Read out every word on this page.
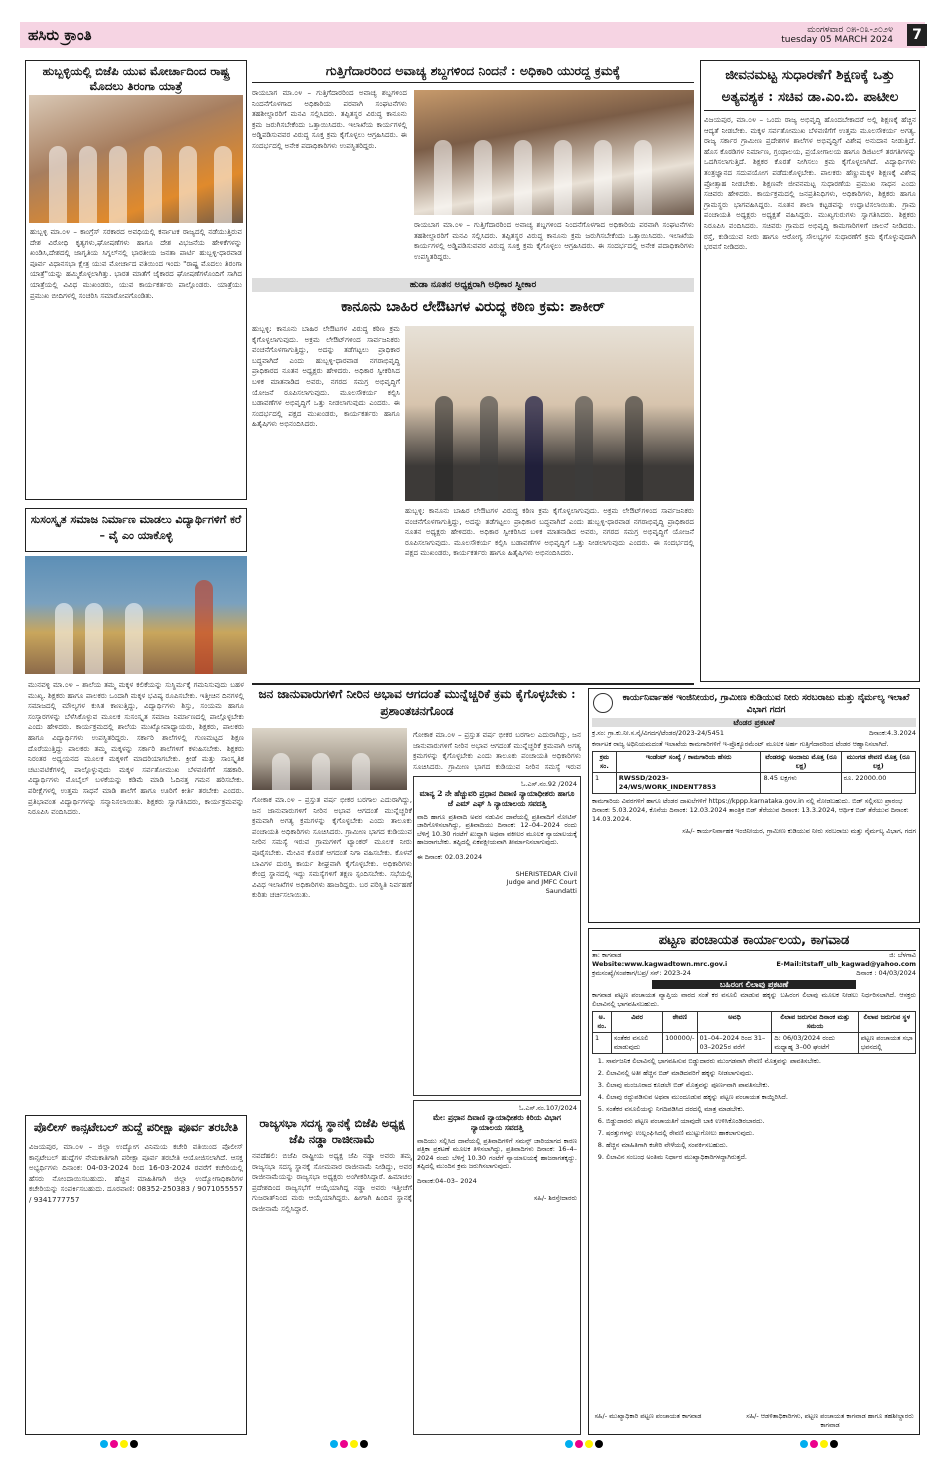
ಹಸಿರು ಕ್ರಾಂತಿ	ಮಂಗಳವಾರ ೦೫-೦೩-೨೦೨೪
tuesday 05 MARCH 2024	7
ಹುಬ್ಬಳ್ಳಿಯಲ್ಲಿ ಬಿಜೆಪಿ ಯುವ ಮೋರ್ಚಾದಿಂದ ರಾಷ್ಟ್ರ ಮೊದಲು ತಿರಂಗಾ ಯಾತ್ರೆ
ಹುಬ್ಬಳ್ಳಿ ಮಾ.೦೪ – ಕಾಂಗ್ರೆಸ್ ಸರಕಾರದ ಅವಧಿಯಲ್ಲಿ ಕರ್ನಾಟಕ ರಾಜ್ಯದಲ್ಲಿ ನಡೆಯುತ್ತಿರುವ ದೇಶ ವಿರೋಧಿ ಕೃತ್ಯಗಳು,ಘೋಷಣೆಗಳು ಹಾಗೂ ದೇಶ ವಿಭಜನೆಯ ಹೇಳಿಕೆಗಳನ್ನು ಖಂಡಿಸಿ,ದೇಶದಲ್ಲಿ ಜಾಗೃತಿಯ ಸಿಗ್ನಲ್‌ನಲ್ಲಿ ಭಾರತೀಯ ಜನತಾ ಪಾರ್ಟಿ ಹುಬ್ಬಳ್ಳಿ-ಧಾರವಾಡ ಪೂರ್ವ ವಿಧಾನಸಭಾ ಕ್ಷೇತ್ರ ಯುವ ಮೋರ್ಚಾದ ವತಿಯಿಂದ ಇಂದು "ರಾಷ್ಟ್ರ ಮೊದಲು ತಿರಂಗಾ ಯಾತ್ರೆ"ಯನ್ನು ಹಮ್ಮಿಕೊಳ್ಳಲಾಗಿತ್ತು. ಭಾರತ ಮಾತೆಗೆ ಜೈಕಾರದ ಘೋಷಣೆಗಳೊಂದಿಗೆ ಸಾಗಿದ ಯಾತ್ರೆಯಲ್ಲಿ ವಿವಿಧ ಮುಖಂಡರು, ಯುವ ಕಾರ್ಯಕರ್ತರು ಪಾಲ್ಗೊಂಡರು. ಯಾತ್ರೆಯು ಪ್ರಮುಖ ಬೀದಿಗಳಲ್ಲಿ ಸಂಚರಿಸಿ ಸಮಾರೋಪಗೊಂಡಿತು.
ಸುಸಂಸ್ಕೃತ ಸಮಾಜ ನಿರ್ಮಾಣ ಮಾಡಲು ವಿದ್ಯಾರ್ಥಿಗಳಿಗೆ ಕರೆ – ವೈ ಎಂ ಯಾಕೊಳ್ಳಿ
ಮುನವಳ್ಳಿ ಮಾ.೦೪ – ಶಾಲೆಯ ತಮ್ಮ ಮಕ್ಕಳ ಕಲಿಕೆಯನ್ನು ಸುಸ್ಥಿರ್ಮಕ್ಕೆ ಗಮನಿಸುವುದು ಬಹಳ ಮುಖ್ಯ. ಶಿಕ್ಷಕರು ಹಾಗೂ ಪಾಲಕರು ಒಂದಾಗಿ ಮಕ್ಕಳ ಭವಿಷ್ಯ ರೂಪಿಸಬೇಕು. ಇತ್ತೀಚಿನ ದಿನಗಳಲ್ಲಿ ಸಮಾಜದಲ್ಲಿ ಮೌಲ್ಯಗಳ ಕುಸಿತ ಕಾಣುತ್ತಿದ್ದು, ವಿದ್ಯಾರ್ಥಿಗಳು ಶಿಸ್ತು, ಸಂಯಮ ಹಾಗೂ ಸಂಸ್ಕಾರಗಳನ್ನು ಬೆಳೆಸಿಕೊಳ್ಳುವ ಮೂಲಕ ಸುಸಂಸ್ಕೃತ ಸಮಾಜ ನಿರ್ಮಾಣದಲ್ಲಿ ಪಾಲ್ಗೊಳ್ಳಬೇಕು ಎಂದು ಹೇಳಿದರು. ಕಾರ್ಯಕ್ರಮದಲ್ಲಿ ಶಾಲೆಯ ಮುಖ್ಯೋಪಾಧ್ಯಾಯರು, ಶಿಕ್ಷಕರು, ಪಾಲಕರು ಹಾಗೂ ವಿದ್ಯಾರ್ಥಿಗಳು ಉಪಸ್ಥಿತರಿದ್ದರು. ಸರ್ಕಾರಿ ಶಾಲೆಗಳಲ್ಲಿ ಗುಣಮಟ್ಟದ ಶಿಕ್ಷಣ ದೊರೆಯುತ್ತಿದ್ದು ಪಾಲಕರು ತಮ್ಮ ಮಕ್ಕಳನ್ನು ಸರ್ಕಾರಿ ಶಾಲೆಗಳಿಗೆ ಕಳುಹಿಸಬೇಕು. ಶಿಕ್ಷಕರು ನಿರಂತರ ಅಧ್ಯಯನದ ಮೂಲಕ ಮಕ್ಕಳಿಗೆ ಮಾದರಿಯಾಗಬೇಕು. ಕ್ರೀಡೆ ಮತ್ತು ಸಾಂಸ್ಕೃತಿಕ ಚಟುವಟಿಕೆಗಳಲ್ಲಿ ಪಾಲ್ಗೊಳ್ಳುವುದು ಮಕ್ಕಳ ಸರ್ವತೋಮುಖ ಬೆಳವಣಿಗೆಗೆ ಸಹಕಾರಿ. ವಿದ್ಯಾರ್ಥಿಗಳು ಮೊಬೈಲ್ ಬಳಕೆಯನ್ನು ಕಡಿಮೆ ಮಾಡಿ ಓದಿನತ್ತ ಗಮನ ಹರಿಸಬೇಕು. ಪರೀಕ್ಷೆಗಳಲ್ಲಿ ಉತ್ತಮ ಸಾಧನೆ ಮಾಡಿ ಶಾಲೆಗೆ ಹಾಗೂ ಊರಿಗೆ ಕೀರ್ತಿ ತರಬೇಕು ಎಂದರು. ಪ್ರತಿಭಾವಂತ ವಿದ್ಯಾರ್ಥಿಗಳನ್ನು ಸನ್ಮಾನಿಸಲಾಯಿತು. ಶಿಕ್ಷಕರು ಸ್ವಾಗತಿಸಿದರು, ಕಾರ್ಯಕ್ರಮವನ್ನು ನಿರೂಪಿಸಿ ವಂದಿಸಿದರು.
ಪೊಲೀಸ್ ಕಾನ್ಸಟೇಬಲ್ ಹುದ್ದೆ ಪರೀಕ್ಷಾ ಪೂರ್ವ ತರಬೇತಿ
ವಿಜಯಪುರ, ಮಾ.೦೪ – ಜಿಲ್ಲಾ ಉದ್ಯೋಗ ವಿನಿಮಯ ಕಚೇರಿ ವತಿಯಿಂದ ಪೊಲೀಸ್ ಕಾನ್ಸಟೇಬಲ್ ಹುದ್ದೆಗಳ ನೇಮಕಾತಿಗಾಗಿ ಪರೀಕ್ಷಾ ಪೂರ್ವ ತರಬೇತಿ ಆಯೋಜಿಸಲಾಗಿದೆ. ಆಸಕ್ತ ಅಭ್ಯರ್ಥಿಗಳು ದಿನಾಂಕ: 04-03-2024 ರಿಂದ 16-03-2024 ರವರೆಗೆ ಕಚೇರಿಯಲ್ಲಿ ಹೆಸರು ನೋಂದಾಯಿಸಬಹುದು. ಹೆಚ್ಚಿನ ಮಾಹಿತಿಗಾಗಿ ಜಿಲ್ಲಾ ಉದ್ಯೋಗಾಧಿಕಾರಿಗಳ ಕಚೇರಿಯನ್ನು ಸಂಪರ್ಕಿಸಬಹುದು. ದೂರವಾಣಿ: 08352-250383 / 9071055557 / 9341777757
ಗುತ್ತಿಗೆದಾರರಿಂದ ಅವಾಚ್ಯ ಶಬ್ದಗಳಿಂದ ನಿಂದನೆ : ಅಧಿಕಾರಿ ಯುರದ್ದ ಕ್ರಮಕ್ಕೆ
ರಾಯಬಾಗ ಮಾ.೦೪ – ಗುತ್ತಿಗೆದಾರರಿಂದ ಅವಾಚ್ಯ ಶಬ್ದಗಳಿಂದ ನಿಂದನೆಗೊಳಗಾದ ಅಧಿಕಾರಿಯ ಪರವಾಗಿ ಸಂಘಟನೆಗಳು ತಹಶೀಲ್ದಾರರಿಗೆ ಮನವಿ ಸಲ್ಲಿಸಿದರು. ತಪ್ಪಿತಸ್ಥರ ವಿರುದ್ಧ ಕಾನೂನು ಕ್ರಮ ಜರುಗಿಸಬೇಕೆಂದು ಒತ್ತಾಯಿಸಿದರು. ಇಲಾಖೆಯ ಕಾರ್ಯಗಳಲ್ಲಿ ಅಡ್ಡಿಪಡಿಸುವವರ ವಿರುದ್ಧ ಸೂಕ್ತ ಕ್ರಮ ಕೈಗೊಳ್ಳಲು ಆಗ್ರಹಿಸಿದರು. ಈ ಸಂದರ್ಭದಲ್ಲಿ ಅನೇಕ ಪದಾಧಿಕಾರಿಗಳು ಉಪಸ್ಥಿತರಿದ್ದರು.
ರಾಯಬಾಗ ಮಾ.೦೪ – ಗುತ್ತಿಗೆದಾರರಿಂದ ಅವಾಚ್ಯ ಶಬ್ದಗಳಿಂದ ನಿಂದನೆಗೊಳಗಾದ ಅಧಿಕಾರಿಯ ಪರವಾಗಿ ಸಂಘಟನೆಗಳು ತಹಶೀಲ್ದಾರರಿಗೆ ಮನವಿ ಸಲ್ಲಿಸಿದರು. ತಪ್ಪಿತಸ್ಥರ ವಿರುದ್ಧ ಕಾನೂನು ಕ್ರಮ ಜರುಗಿಸಬೇಕೆಂದು ಒತ್ತಾಯಿಸಿದರು. ಇಲಾಖೆಯ ಕಾರ್ಯಗಳಲ್ಲಿ ಅಡ್ಡಿಪಡಿಸುವವರ ವಿರುದ್ಧ ಸೂಕ್ತ ಕ್ರಮ ಕೈಗೊಳ್ಳಲು ಆಗ್ರಹಿಸಿದರು. ಈ ಸಂದರ್ಭದಲ್ಲಿ ಅನೇಕ ಪದಾಧಿಕಾರಿಗಳು ಉಪಸ್ಥಿತರಿದ್ದರು.
ಹುಡಾ ನೂತನ ಅಧ್ಯಕ್ಷರಾಗಿ ಅಧಿಕಾರ ಸ್ವೀಕಾರ
ಕಾನೂನು ಬಾಹಿರ ಲೇಔಟಗಳ ವಿರುದ್ಧ ಕಠಿಣ ಕ್ರಮ: ಶಾಕೀರ್
ಹುಬ್ಬಳ್ಳಿ: ಕಾನೂನು ಬಾಹಿರ ಲೇಔಟಗಳ ವಿರುದ್ಧ ಕಠಿಣ ಕ್ರಮ ಕೈಗೊಳ್ಳಲಾಗುವುದು. ಅಕ್ರಮ ಲೇಔಟ್‌ಗಳಿಂದ ಸಾರ್ವಜನಿಕರು ವಂಚನೆಗೊಳಗಾಗುತ್ತಿದ್ದು, ಅದನ್ನು ತಡೆಗಟ್ಟಲು ಪ್ರಾಧಿಕಾರ ಬದ್ಧವಾಗಿದೆ ಎಂದು ಹುಬ್ಬಳ್ಳಿ-ಧಾರವಾಡ ನಗರಾಭಿವೃದ್ಧಿ ಪ್ರಾಧಿಕಾರದ ನೂತನ ಅಧ್ಯಕ್ಷರು ಹೇಳಿದರು. ಅಧಿಕಾರ ಸ್ವೀಕರಿಸಿದ ಬಳಿಕ ಮಾತನಾಡಿದ ಅವರು, ನಗರದ ಸಮಗ್ರ ಅಭಿವೃದ್ಧಿಗೆ ಯೋಜನೆ ರೂಪಿಸಲಾಗುವುದು. ಮೂಲಸೌಕರ್ಯ ಕಲ್ಪಿಸಿ ಬಡಾವಣೆಗಳ ಅಭಿವೃದ್ಧಿಗೆ ಒತ್ತು ನೀಡಲಾಗುವುದು ಎಂದರು. ಈ ಸಂದರ್ಭದಲ್ಲಿ ಪಕ್ಷದ ಮುಖಂಡರು, ಕಾರ್ಯಕರ್ತರು ಹಾಗೂ ಹಿತೈಷಿಗಳು ಅಭಿನಂದಿಸಿದರು.
ಹುಬ್ಬಳ್ಳಿ: ಕಾನೂನು ಬಾಹಿರ ಲೇಔಟಗಳ ವಿರುದ್ಧ ಕಠಿಣ ಕ್ರಮ ಕೈಗೊಳ್ಳಲಾಗುವುದು. ಅಕ್ರಮ ಲೇಔಟ್‌ಗಳಿಂದ ಸಾರ್ವಜನಿಕರು ವಂಚನೆಗೊಳಗಾಗುತ್ತಿದ್ದು, ಅದನ್ನು ತಡೆಗಟ್ಟಲು ಪ್ರಾಧಿಕಾರ ಬದ್ಧವಾಗಿದೆ ಎಂದು ಹುಬ್ಬಳ್ಳಿ-ಧಾರವಾಡ ನಗರಾಭಿವೃದ್ಧಿ ಪ್ರಾಧಿಕಾರದ ನೂತನ ಅಧ್ಯಕ್ಷರು ಹೇಳಿದರು. ಅಧಿಕಾರ ಸ್ವೀಕರಿಸಿದ ಬಳಿಕ ಮಾತನಾಡಿದ ಅವರು, ನಗರದ ಸಮಗ್ರ ಅಭಿವೃದ್ಧಿಗೆ ಯೋಜನೆ ರೂಪಿಸಲಾಗುವುದು. ಮೂಲಸೌಕರ್ಯ ಕಲ್ಪಿಸಿ ಬಡಾವಣೆಗಳ ಅಭಿವೃದ್ಧಿಗೆ ಒತ್ತು ನೀಡಲಾಗುವುದು ಎಂದರು. ಈ ಸಂದರ್ಭದಲ್ಲಿ ಪಕ್ಷದ ಮುಖಂಡರು, ಕಾರ್ಯಕರ್ತರು ಹಾಗೂ ಹಿತೈಷಿಗಳು ಅಭಿನಂದಿಸಿದರು.
ಜನ ಜಾನುವಾರುಗಳಿಗೆ ನೀರಿನ ಅಭಾವ ಆಗದಂತೆ ಮುನ್ನೆಚ್ಚರಿಕೆ ಕ್ರಮ ಕೈಗೊಳ್ಳಬೇಕು : ಪ್ರಶಾಂತಚನಗೊಂಡ
ಗೋಕಾಕ ಮಾ.೦೪ – ಪ್ರಸ್ತುತ ವರ್ಷ ಭೀಕರ ಬರಗಾಲ ಎದುರಾಗಿದ್ದು, ಜನ ಜಾನುವಾರುಗಳಿಗೆ ನೀರಿನ ಅಭಾವ ಆಗದಂತೆ ಮುನ್ನೆಚ್ಚರಿಕೆ ಕ್ರಮವಾಗಿ ಅಗತ್ಯ ಕ್ರಮಗಳನ್ನು ಕೈಗೊಳ್ಳಬೇಕು ಎಂದು ತಾಲೂಕು ಪಂಚಾಯತಿ ಅಧಿಕಾರಿಗಳು ಸೂಚಿಸಿದರು. ಗ್ರಾಮೀಣ ಭಾಗದ ಕುಡಿಯುವ ನೀರಿನ ಸಮಸ್ಯೆ ಇರುವ ಗ್ರಾಮಗಳಿಗೆ ಟ್ಯಾಂಕರ್ ಮೂಲಕ ನೀರು ಪೂರೈಸಬೇಕು. ಮೇವಿನ ಕೊರತೆ ಆಗದಂತೆ ನಿಗಾ ವಹಿಸಬೇಕು. ಕೊಳವೆ ಬಾವಿಗಳ ದುರಸ್ತಿ ಕಾರ್ಯ ಶೀಘ್ರವಾಗಿ ಕೈಗೊಳ್ಳಬೇಕು. ಅಧಿಕಾರಿಗಳು ಕೇಂದ್ರ ಸ್ಥಾನದಲ್ಲಿ ಇದ್ದು ಸಮಸ್ಯೆಗಳಿಗೆ ತಕ್ಷಣ ಸ್ಪಂದಿಸಬೇಕು. ಸಭೆಯಲ್ಲಿ ವಿವಿಧ ಇಲಾಖೆಗಳ ಅಧಿಕಾರಿಗಳು ಹಾಜರಿದ್ದರು. ಬರ ಪರಿಸ್ಥಿತಿ ನಿರ್ವಹಣೆ ಕುರಿತು ಚರ್ಚಿಸಲಾಯಿತು.
ಗೋಕಾಕ ಮಾ.೦೪ – ಪ್ರಸ್ತುತ ವರ್ಷ ಭೀಕರ ಬರಗಾಲ ಎದುರಾಗಿದ್ದು, ಜನ ಜಾನುವಾರುಗಳಿಗೆ ನೀರಿನ ಅಭಾವ ಆಗದಂತೆ ಮುನ್ನೆಚ್ಚರಿಕೆ ಕ್ರಮವಾಗಿ ಅಗತ್ಯ ಕ್ರಮಗಳನ್ನು ಕೈಗೊಳ್ಳಬೇಕು ಎಂದು ತಾಲೂಕು ಪಂಚಾಯತಿ ಅಧಿಕಾರಿಗಳು ಸೂಚಿಸಿದರು. ಗ್ರಾಮೀಣ ಭಾಗದ ಕುಡಿಯುವ ನೀರಿನ ಸಮಸ್ಯೆ ಇರುವ
ಓ.ಎಸ್.ನಂ.92 /2024
ಮಾನ್ಯ 2 ನೇ ಹೆಚ್ಚುವರಿ ಪ್ರಧಾನ ದಿವಾಣಿ ನ್ಯಾಯಾಧೀಶರು ಹಾಗೂ ಜೆ ಎಮ್ ಎಫ್ ಸಿ ನ್ಯಾಯಾಲಯ ಸವದತ್ತಿ
ವಾದಿ ಹಾಗೂ ಪ್ರತಿವಾದಿ ಅವರ ನಡುವಿನ ದಾವೆಯಲ್ಲಿ ಪ್ರತಿವಾದಿಗೆ ನೋಟಿಸ್ ಜಾರಿಗೊಳಿಸಲಾಗಿದ್ದು, ಪ್ರತಿವಾದಿಯು ದಿನಾಂಕ: 12–04–2024 ರಂದು ಬೆಳಿಗ್ಗೆ 10.30 ಗಂಟೆಗೆ ಖುದ್ದಾಗಿ ಅಥವಾ ವಕೀಲರ ಮೂಲಕ ನ್ಯಾಯಾಲಯಕ್ಕೆ ಹಾಜರಾಗಬೇಕು. ತಪ್ಪಿದಲ್ಲಿ ಏಕಪಕ್ಷೀಯವಾಗಿ ತೀರ್ಮಾನಿಸಲಾಗುವುದು.
ಈ ದಿನಾಂಕ: 02.03.2024
SHERISTEDAR Civil Judge and JMFC Court Saundatti
ಓ.ಎಸ್.ನಂ.107/2024
ಮೇ: ಪ್ರಧಾನ ದಿವಾಣಿ ನ್ಯಾಯಾಧೀಶರು ಕಿರಿಯ ವಿಭಾಗ ನ್ಯಾಯಾಲಯ ಸವದತ್ತಿ
ವಾದಿಯು ಸಲ್ಲಿಸಿದ ದಾವೆಯಲ್ಲಿ ಪ್ರತಿವಾದಿಗಳಿಗೆ ಸಮನ್ಸ್ ಜಾರಿಯಾಗದ ಕಾರಣ ಪತ್ರಿಕಾ ಪ್ರಕಟಣೆ ಮೂಲಕ ತಿಳಿಸಲಾಗಿದ್ದು, ಪ್ರತಿವಾದಿಗಳು ದಿನಾಂಕ: 16–4–2024 ರಂದು ಬೆಳಿಗ್ಗೆ 10.30 ಗಂಟೆಗೆ ನ್ಯಾಯಾಲಯಕ್ಕೆ ಹಾಜರಾಗತಕ್ಕದ್ದು. ತಪ್ಪಿದಲ್ಲಿ ಮುಂದಿನ ಕ್ರಮ ಜರುಗಿಸಲಾಗುವುದು.
ದಿನಾಂಕ:04–03– 2024
ಸಹಿ/- ಶಿರಸ್ತೇದಾರರು
ರಾಜ್ಯಸಭಾ ಸದಸ್ಯ ಸ್ಥಾನಕ್ಕೆ ಬಿಜೆಪಿ ಅಧ್ಯಕ್ಷ ಜೆಪಿ ನಡ್ಡಾ ರಾಜೀನಾಮೆ
ನವದೆಹಲಿ: ಬಿಜೆಪಿ ರಾಷ್ಟ್ರೀಯ ಅಧ್ಯಕ್ಷ ಜೆಪಿ ನಡ್ಡಾ ಅವರು ತಮ್ಮ ರಾಜ್ಯಸಭಾ ಸದಸ್ಯ ಸ್ಥಾನಕ್ಕೆ ಸೋಮವಾರ ರಾಜೀನಾಮೆ ನೀಡಿದ್ದು, ಅವರ ರಾಜೀನಾಮೆಯನ್ನು ರಾಜ್ಯಸಭಾ ಅಧ್ಯಕ್ಷರು ಅಂಗೀಕರಿಸಿದ್ದಾರೆ. ಹಿಮಾಚಲ ಪ್ರದೇಶದಿಂದ ರಾಜ್ಯಸಭೆಗೆ ಆಯ್ಕೆಯಾಗಿದ್ದ ನಡ್ಡಾ ಅವರು ಇತ್ತೀಚೆಗೆ ಗುಜರಾತ್‌ನಿಂದ ಮರು ಆಯ್ಕೆಯಾಗಿದ್ದರು. ಹೀಗಾಗಿ ಹಿಂದಿನ ಸ್ಥಾನಕ್ಕೆ ರಾಜೀನಾಮೆ ಸಲ್ಲಿಸಿದ್ದಾರೆ.
ಜೀವನಮಟ್ಟ ಸುಧಾರಣೆಗೆ ಶಿಕ್ಷಣಕ್ಕೆ ಒತ್ತು ಅತ್ಯವಶ್ಯಕ : ಸಚಿವ ಡಾ.ಎಂ.ಬಿ. ಪಾಟೀಲ
ವಿಜಯಪುರ, ಮಾ.೦೪ – ಒಂದು ರಾಜ್ಯ ಅಭಿವೃದ್ಧಿ ಹೊಂದಬೇಕಾದರೆ ಅಲ್ಲಿ ಶಿಕ್ಷಣಕ್ಕೆ ಹೆಚ್ಚಿನ ಆದ್ಯತೆ ನೀಡಬೇಕು. ಮಕ್ಕಳ ಸರ್ವತೋಮುಖ ಬೆಳವಣಿಗೆಗೆ ಉತ್ತಮ ಮೂಲಸೌಕರ್ಯ ಅಗತ್ಯ. ರಾಜ್ಯ ಸರ್ಕಾರ ಗ್ರಾಮೀಣ ಪ್ರದೇಶಗಳ ಶಾಲೆಗಳ ಅಭಿವೃದ್ಧಿಗೆ ವಿಶೇಷ ಅನುದಾನ ನೀಡುತ್ತಿದೆ. ಹೊಸ ಕೊಠಡಿಗಳ ನಿರ್ಮಾಣ, ಗ್ರಂಥಾಲಯ, ಪ್ರಯೋಗಾಲಯ ಹಾಗೂ ಡಿಜಿಟಲ್ ತರಗತಿಗಳನ್ನು ಒದಗಿಸಲಾಗುತ್ತಿದೆ. ಶಿಕ್ಷಕರ ಕೊರತೆ ನೀಗಿಸಲು ಕ್ರಮ ಕೈಗೊಳ್ಳಲಾಗಿದೆ. ವಿದ್ಯಾರ್ಥಿಗಳು ತಂತ್ರಜ್ಞಾನದ ಸದುಪಯೋಗ ಪಡೆದುಕೊಳ್ಳಬೇಕು. ಪಾಲಕರು ಹೆಣ್ಣುಮಕ್ಕಳ ಶಿಕ್ಷಣಕ್ಕೆ ವಿಶೇಷ ಪ್ರೋತ್ಸಾಹ ನೀಡಬೇಕು. ಶಿಕ್ಷಣವೇ ಜೀವನಮಟ್ಟ ಸುಧಾರಣೆಯ ಪ್ರಮುಖ ಸಾಧನ ಎಂದು ಸಚಿವರು ಹೇಳಿದರು. ಕಾರ್ಯಕ್ರಮದಲ್ಲಿ ಜನಪ್ರತಿನಿಧಿಗಳು, ಅಧಿಕಾರಿಗಳು, ಶಿಕ್ಷಕರು ಹಾಗೂ ಗ್ರಾಮಸ್ಥರು ಭಾಗವಹಿಸಿದ್ದರು. ನೂತನ ಶಾಲಾ ಕಟ್ಟಡವನ್ನು ಉದ್ಘಾಟಿಸಲಾಯಿತು. ಗ್ರಾಮ ಪಂಚಾಯತಿ ಅಧ್ಯಕ್ಷರು ಅಧ್ಯಕ್ಷತೆ ವಹಿಸಿದ್ದರು. ಮುಖ್ಯಗುರುಗಳು ಸ್ವಾಗತಿಸಿದರು. ಶಿಕ್ಷಕರು ನಿರೂಪಿಸಿ ವಂದಿಸಿದರು. ಸಚಿವರು ಗ್ರಾಮದ ಅಭಿವೃದ್ಧಿ ಕಾಮಗಾರಿಗಳಿಗೆ ಚಾಲನೆ ನೀಡಿದರು. ರಸ್ತೆ, ಕುಡಿಯುವ ನೀರು ಹಾಗೂ ಆರೋಗ್ಯ ಸೌಲಭ್ಯಗಳ ಸುಧಾರಣೆಗೆ ಕ್ರಮ ಕೈಗೊಳ್ಳುವುದಾಗಿ ಭರವಸೆ ನೀಡಿದರು.
ಕಾರ್ಯನಿರ್ವಾಹಕ ಇಂಜಿನೀಯರ, ಗ್ರಾಮೀಣ ಕುಡಿಯುವ ನೀರು ಸರಬರಾಜು ಮತ್ತು ನೈರ್ಮಲ್ಯ ಇಲಾಖೆ ವಿಭಾಗ ಗದಗ
ಟೆಂಡರ ಪ್ರಕಟಣೆ
ಕ್ರ.ಸಂ: ಗ್ರಾ.ಕು.ನೀ.ಸ.ನೈ/ವಿಗದಗ/ಟೆಂಡರ/2023-24/5451	ದಿನಾಂಕ:4.3.2024
ಕರ್ನಾಟಕ ರಾಜ್ಯ ಅಧಿನಿಯಮದಂತೆ ಇಲಾಖೆಯ ಕಾಮಗಾರಿಗಳಿಗೆ ಇ-ಪ್ರೊಕ್ಯೂರಮೆಂಟ್ ಮೂಲಕ ಅರ್ಹ ಗುತ್ತಿಗೆದಾರರಿಂದ ಟೆಂಡರ ಆಹ್ವಾನಿಸಲಾಗಿದೆ.
ಕ್ರಮ ಸಂ.	ಇಂಡೆಂಟ್ ಸಂಖ್ಯೆ / ಕಾಮಗಾರಿಯ ಹೆಸರು	ಟೆಂಡರನ್ನು ಅಂದಾಜು ಮೊತ್ತ (ರೂ ಲಕ್ಷ)	ಮುಂಗಡ ಠೇವಣಿ ಮೊತ್ತ (ರೂ ಲಕ್ಷ)
1	RWSSD/2023-24/WS/WORK_INDENT7853	8.45 ಲಕ್ಷಗಳು	ರೂ. 22000.00
ಕಾಮಗಾರಿಯ ವಿವರಗಳಿಗೆ ಹಾಗೂ ಟೆಂಡರ ದಾಖಲೆಗಳಿಗೆ https://kppp.karnataka.gov.in ನಲ್ಲಿ ನೋಡಬಹುದು. ಬಿಡ್ ಸಲ್ಲಿಸಲು ಪ್ರಾರಂಭ ದಿನಾಂಕ: 5.03.2024, ಕೊನೆಯ ದಿನಾಂಕ: 12.03.2024 ತಾಂತ್ರಿಕ ಬಿಡ್ ತೆರೆಯುವ ದಿನಾಂಕ: 13.3.2024, ಆರ್ಥಿಕ ಬಿಡ್ ತೆರೆಯುವ ದಿನಾಂಕ: 14.03.2024.
ಸಹಿ/- ಕಾರ್ಯನಿರ್ವಾಹಕ ಇಂಜಿನೀಯರ, ಗ್ರಾಮೀಣ ಕುಡಿಯುವ ನೀರು ಸರಬರಾಜು ಮತ್ತು ನೈರ್ಮಲ್ಯ ವಿಭಾಗ, ಗದಗ
ಪಟ್ಟಣ ಪಂಚಾಯತ ಕಾರ್ಯಾಲಯ, ಕಾಗವಾಡ
ತಾ: ಕಾಗವಾಡ	ಜಿ: ಬೆಳಗಾವಿ
Website:www.kagwadtown.mrc.gov.i	E-Mail:itstaff_ulb_kagwad@yahoo.com
ಕ್ರಮಸಂಖ್ಯೆ/ಸಂಪಕಾಗ/ಬಪ್ರ/ ಸನ್: 2023-24	ದಿನಾಂಕ : 04/03/2024
ಬಹಿರಂಗ ಲಿಲಾವು ಪ್ರಕಟಣೆ
ಕಾಗವಾಡ ಪಟ್ಟಣ ಪಂಚಾಯತ ವ್ಯಾಪ್ತಿಯ ವಾರದ ಸಂತೆ ಕರ ವಸೂಲಿ ಮಾಡುವ ಹಕ್ಕನ್ನು ಬಹಿರಂಗ ಲಿಲಾವು ಮೂಲಕ ನೀಡಲು ನಿರ್ಧರಿಸಲಾಗಿದೆ. ಆಸಕ್ತರು ಲಿಲಾವಿನಲ್ಲಿ ಭಾಗವಹಿಸಬಹುದು.
ಅ. ನಂ.	ವಿವರ	ಠೇವಣಿ	ಅವಧಿ	ಲಿಲಾವ ಜರುಗುವ ದಿನಾಂಕ ಮತ್ತು ಸಮಯ	ಲಿಲಾವ ಜರುಗುವ ಸ್ಥಳ
1	ಸಂತೆಕರ ವಸೂಲಿ ಮಾಡುವುದು	100000/-	01–04–2024 ರಿಂದ 31–03–2025ರ ವರೆಗೆ	ದಿ: 06/03/2024 ರಂದು ಮಧ್ಯಾಹ್ನ 3–00 ಘಂಟೆಗೆ	ಪಟ್ಟಣ ಪಂಚಾಯತ ಸಭಾ ಭವನದಲ್ಲಿ
1. ಸಾರ್ವಜನಿಕ ಲಿಲಾವಿನಲ್ಲಿ ಭಾಗವಹಿಸುವ ಬಿಡ್ಡುದಾರರು ಮುಂಗಡವಾಗಿ ಠೇವಣಿ ಮೊತ್ತವನ್ನು ಪಾವತಿಸಬೇಕು.
2. ಲಿಲಾವಿನಲ್ಲಿ ಅತೀ ಹೆಚ್ಚಿನ ಬಿಡ್ ಮಾಡಿದವರಿಗೆ ಹಕ್ಕನ್ನು ನೀಡಲಾಗುವುದು.
3. ಲಿಲಾವು ಮಂಜೂರಾದ ಕೂಡಲೇ ಬಿಡ್ ಮೊತ್ತವನ್ನು ಪೂರ್ಣವಾಗಿ ಪಾವತಿಸಬೇಕು.
4. ಲಿಲಾವು ರದ್ದುಪಡಿಸುವ ಅಥವಾ ಮುಂದೂಡುವ ಹಕ್ಕನ್ನು ಪಟ್ಟಣ ಪಂಚಾಯತ ಕಾಯ್ದಿರಿಸಿದೆ.
5. ಸಂತೆಕರ ವಸೂಲಿಯನ್ನು ನಿಗದಿಪಡಿಸಿದ ದರದಲ್ಲಿ ಮಾತ್ರ ಮಾಡಬೇಕು.
6. ಬಿಡ್ಡುದಾರರು ಪಟ್ಟಣ ಪಂಚಾಯತಿಗೆ ಯಾವುದೇ ಬಾಕಿ ಉಳಿಸಿಕೊಂಡಿರಬಾರದು.
7. ಷರತ್ತುಗಳನ್ನು ಉಲ್ಲಂಘಿಸಿದಲ್ಲಿ ಠೇವಣಿ ಮುಟ್ಟುಗೋಲು ಹಾಕಲಾಗುವುದು.
8. ಹೆಚ್ಚಿನ ಮಾಹಿತಿಗಾಗಿ ಕಚೇರಿ ವೇಳೆಯಲ್ಲಿ ಸಂಪರ್ಕಿಸಬಹುದು.
9. ಲಿಲಾವಿನ ಸಂಬಂಧ ಅಂತಿಮ ನಿರ್ಧಾರ ಮುಖ್ಯಾಧಿಕಾರಿಗಳದ್ದಾಗಿರುತ್ತದೆ.
ಸಹಿ/- ಮುಖ್ಯಾಧಿಕಾರಿ ಪಟ್ಟಣ ಪಂಚಾಯತ ಕಾಗವಾಡ	ಸಹಿ/- ಆಡಳಿತಾಧಿಕಾರಿಗಳು, ಪಟ್ಟಣ ಪಂಚಾಯತ ಕಾಗವಾಡ ಹಾಗೂ ತಹಶೀಲ್ದಾರರು ಕಾಗವಾಡ
